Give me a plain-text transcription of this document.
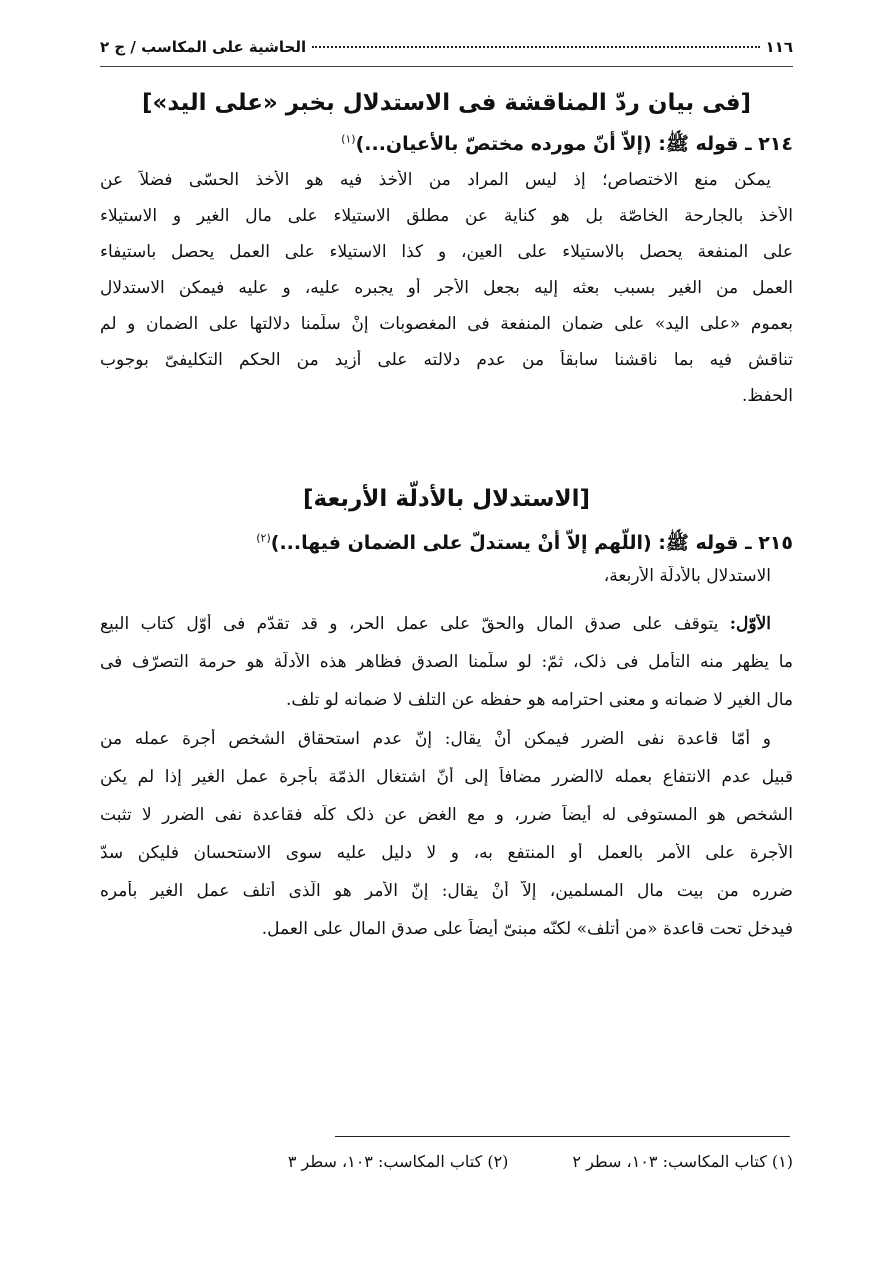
١١٦
الحاشية على المكاسب / ج ٢
[فی بیان ردّ المناقشة فی الاستدلال بخبر «علی الید»]
٢١٤ ـ قوله ﷺ: (إلاّ أنّ مورده مختصّ بالأعیان...)$^{(١)}$
یمکن منع الاختصاص؛ إذ لیس المراد من الأخذ فیه هو الأخذ الحسّی فضلاً عن
الأخذ بالجارحة الخاصّة بل هو کنایة عن مطلق الاستیلاء علی مال الغیر و الاستیلاء
علی المنفعة یحصل بالاستیلاء علی العین، و کذا الاستیلاء علی العمل یحصل باستیفاء
العمل من الغیر بسبب بعثه إلیه بجعل الأجر أو یجبره علیه، و علیه فیمکن الاستدلال
بعموم «علی الید» علی ضمان المنفعة فی المغصوبات إنْ سلّمنا دلالتها علی الضمان و لم
تناقش فیه بما ناقشنا سابقاً من عدم دلالته علی أزید من الحکم التکلیفیّ بوجوب
الحفظ.
[الاستدلال بالأدلّة الأربعة]
٢١٥ ـ قوله ﷺ: (اللّهم إلاّ أنْ یستدلّ علی الضمان فیها...)$^{(٢)}$
الاستدلال بالأدلّة الأربعة،
الأوّل: یتوقف علی صدق المال والحقّ علی عمل الحر، و قد تقدّم فی أوّل کتاب البیع
ما یظهر منه التأمل فی ذلک، ثمّ: لو سلّمنا الصدق فظاهر هذه الأدلّة هو حرمة التصرّف فی
مال الغیر لا ضمانه و معنی احترامه هو حفظه عن التلف لا ضمانه لو تلف.
و أمّا قاعدة نفی الضرر فیمکن أنْ یقال: إنّ عدم استحقاق الشخص أجرة عمله من
قبیل عدم الانتفاع بعمله لاالضرر مضافاً إلی أنّ اشتغال الذمّة بأجرة عمل الغیر إذا لم یکن
الشخص هو المستوفی له أیضاً ضرر، و مع الغض عن ذلک کلّه فقاعدة نفی الضرر لا تثبت
الأجرة علی الأمر بالعمل أو المنتفع به، و لا دلیل علیه سوی الاستحسان فلیکن سدّ
ضرره من بیت مال المسلمین، إلاّ أنْ یقال: إنّ الأمر هو الّذی أتلف عمل الغیر بأمره
فیدخل تحت قاعدة «من أتلف» لکنّه مبنیّ أیضاً علی صدق المال علی العمل.
(١) کتاب المکاسب: ١٠٣، سطر ٢
(٢) کتاب المکاسب: ١٠٣، سطر ٣
